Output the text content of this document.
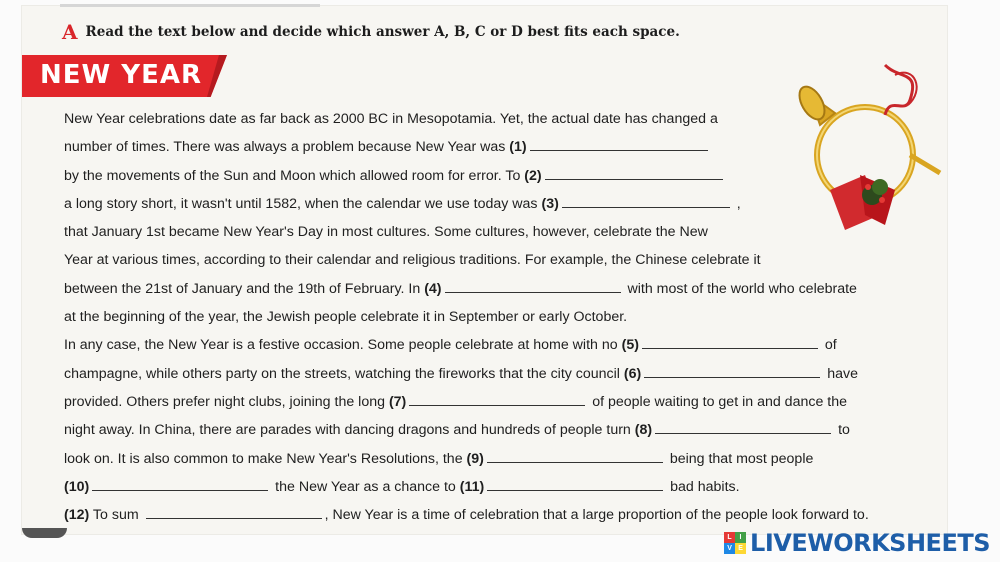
A Read the text below and decide which answer A, B, C or D best fits each space.
NEW YEAR
New Year celebrations date as far back as 2000 BC in Mesopotamia. Yet, the actual date has changed a
number of times. There was always a problem because New Year was (1)
by the movements of the Sun and Moon which allowed room for error. To (2)
a long story short, it wasn't until 1582, when the calendar we use today was (3)	,
that January 1st became New Year's Day in most cultures. Some cultures, however, celebrate the New
Year at various times, according to their calendar and religious traditions. For example, the Chinese celebrate it
between the 21st of January and the 19th of February. In (4)	with most of the world who celebrate
at the beginning of the year, the Jewish people celebrate it in September or early October.
In any case, the New Year is a festive occasion. Some people celebrate at home with no (5)	of
champagne, while others party on the streets, watching the fireworks that the city council (6)	have
provided. Others prefer night clubs, joining the long (7)	of people waiting to get in and dance the
night away. In China, there are parades with dancing dragons and hundreds of people turn (8)	to
look on. It is also common to make New Year's Resolutions, the (9)	being that most people
(10)	the New Year as a chance to (11)	bad habits.
(12) To sum	, New Year is a time of celebration that a large proportion of the people look forward to.
L	I
V E LIVEWORKSHEETS
